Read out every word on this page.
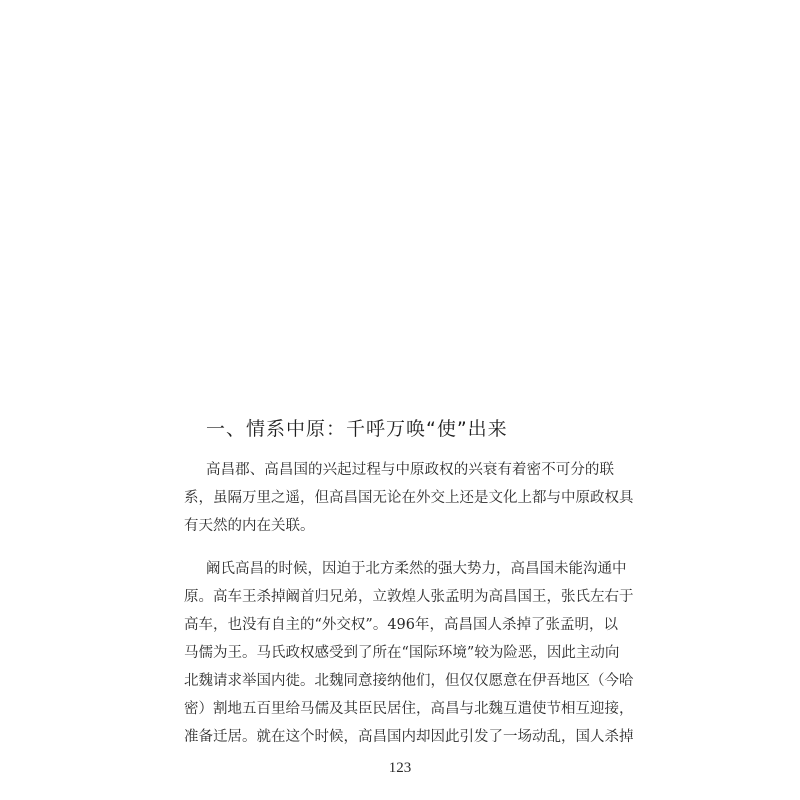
一、情系中原：千呼万唤“使”出来
高昌郡、高昌国的兴起过程与中原政权的兴衰有着密不可分的联
系，虽隔万里之遥，但高昌国无论在外交上还是文化上都与中原政权具
有天然的内在关联。
阚氏高昌的时候，因迫于北方柔然的强大势力，高昌国未能沟通中
原。高车王杀掉阚首归兄弟，立敦煌人张孟明为高昌国王，张氏左右于
高车，也没有自主的“外交权”。496年，高昌国人杀掉了张孟明，以
马儒为王。马氏政权感受到了所在“国际环境”较为险恶，因此主动向
北魏请求举国内徙。北魏同意接纳他们，但仅仅愿意在伊吾地区（今哈
密）割地五百里给马儒及其臣民居住，高昌与北魏互遣使节相互迎接，
准备迁居。就在这个时候，高昌国内却因此引发了一场动乱，国人杀掉
123
